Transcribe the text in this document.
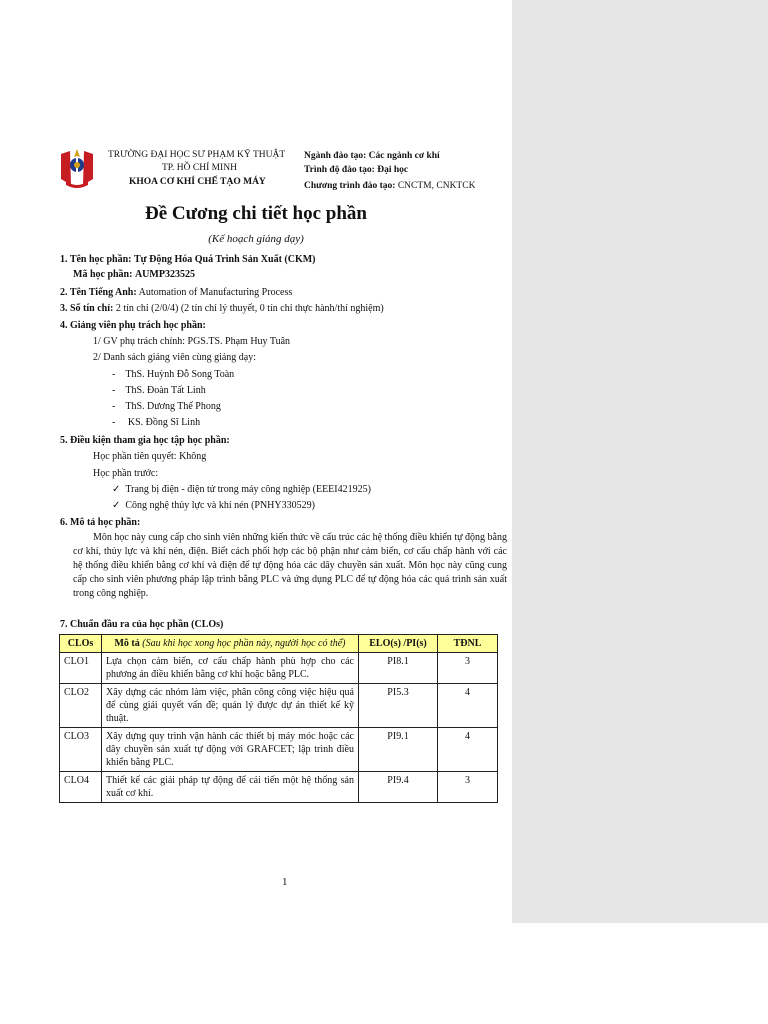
TRƯỜNG ĐẠI HỌC SƯ PHẠM KỸ THUẬT
TP. HỒ CHÍ MINH
KHOA CƠ KHÍ CHẾ TẠO MÁY
Ngành đào tạo: Các ngành cơ khí
Trình độ đào tạo: Đại học
Chương trình đào tạo: CNCTM, CNKTCK
Đề Cương chi tiết học phần
(Kế hoạch giảng dạy)
1. Tên học phần: Tự Động Hóa Quá Trình Sản Xuất (CKM)
Mã học phần: AUMP323525
2. Tên Tiếng Anh: Automation of Manufacturing Process
3. Số tín chỉ: 2 tín chỉ (2/0/4) (2 tín chỉ lý thuyết, 0 tín chỉ thực hành/thí nghiệm)
4. Giảng viên phụ trách học phần:
1/ GV phụ trách chính: PGS.TS. Phạm Huy Tuân
2/ Danh sách giảng viên cùng giảng dạy:
-    ThS. Huỳnh Đỗ Song Toàn
-    ThS. Đoàn Tất Linh
-    ThS. Dương Thế Phong
-     KS. Đồng Sĩ Linh
5. Điều kiện tham gia học tập học phần:
Học phần tiên quyết: Không
Học phần trước:
✓ Trang bị điện - điện tử trong máy công nghiệp (EEEI421925)
✓ Công nghệ thủy lực và khí nén (PNHY330529)
6. Mô tả học phần:
Môn học này cung cấp cho sinh viên những kiến thức về cấu trúc các hệ thống điều khiển tự động bằng cơ khí, thủy lực và khí nén, điện. Biết cách phối hợp các bộ phận như cảm biến, cơ cấu chấp hành với các hệ thống điều khiển bằng cơ khí và điện để tự động hóa các dây chuyền sản xuất. Môn học này cũng cung cấp cho sinh viên phương pháp lập trình bằng PLC và ứng dụng PLC để tự động hóa các quá trình sản xuất trong công nghiệp.
7. Chuẩn đầu ra của học phần (CLOs)
CLOs	Mô tả (Sau khi học xong học phần này, người học có thể)	ELO(s) /PI(s)	TĐNL
CLO1	Lựa chọn cảm biến, cơ cấu chấp hành phù hợp cho các phương án điều khiển bằng cơ khí hoặc bằng PLC.	PI8.1	3
CLO2	Xây dựng các nhóm làm việc, phân công công việc hiệu quả để cùng giải quyết vấn đề; quản lý được dự án thiết kế kỹ thuật.	PI5.3	4
CLO3	Xây dựng quy trình vận hành các thiết bị máy móc hoặc các dây chuyền sản xuất tự động với GRAFCET; lập trình điều khiển bằng PLC.	PI9.1	4
CLO4	Thiết kế các giải pháp tự động để cải tiến một hệ thống sản xuất cơ khí.	PI9.4	3
1
